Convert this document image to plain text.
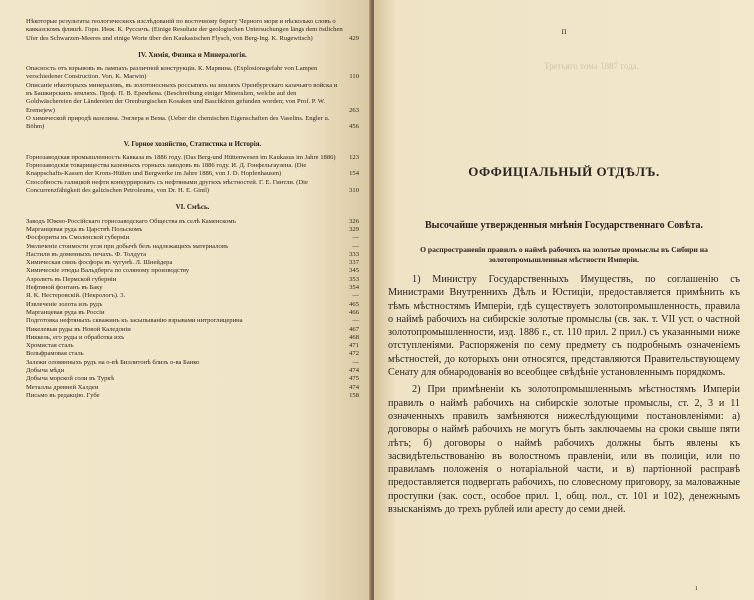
Нѣкоторые результаты геологическихъ изслѣдованій по восточному берегу Черного моря и нѣсколько словъ о кавказскомъ флишѣ. Горн. Инж. К. Руссичъ. (Einige Resultate der geologischen Untersuchungen längs dem östlichen Ufer des Schwarzen-Meeres und einige Worte über den Kaukasischen Flysch, von Berg-Ing. K. Rugewitsch)	429
IV. Химія, Физика и Минералогія.
Опасность отъ взрывовъ въ лампахъ различной конструкціи. К. Марвина. (Explosionsgefahr von Lampen verschiedener Construction. Von. K. Marwin)	110
Описаніе нѣкоторыхъ минераловъ, въ золотоносныхъ россыпяхъ на земляхъ Оренбургскаго казачьяго войска и въ Башкирскихъ земляхъ. Проф. П. В. Еремѣева. (Beschreibung einiger Mineralien, welche auf den Goldwäschereien der Ländereien der Orenburgischen Kosaken und Baschkiren gefunden worden; von Prof. P. W. Eremejew)	263
О химической природѣ вазелина. Энглера и Вема. (Ueber die chemischen Eigenschaften des Vaselins. Engler u. Böhm)	456
V. Горное хозяйство, Статистика и Исторія.
Горнозаводская промышленность Кавказа въ 1886 году. (Das Berg-und Hüttenwesen im Kaukasus im Jahre 1886) 123
Горнозаводскія товарищества казенныхъ горныхъ заводовъ въ 1886 году. И. Д. Гонфельгаузена. (Die Knappschafts-Kassen der Krons-Hütten und Bergwerke im Jahre 1886, von J. D. Hopfenhausen)	154
Способность галицкой нефти конкуррировать съ нефтяными другихъ мѣстностей. Г. Е. Гинтли. (Die Concurrenzfähigkeit des galizischen Petroleums, von Dr. H. E. Gintl)	310
VI. Смѣсь.
Заводъ Южно-Россійскаго горнозаводскаго Общества въ селѣ Каменскомъ	326
Марганцевая руда въ Царствѣ Польскомъ	329
Фосфориты въ Смоленской губерніи	—
Увеличеніе стоимости угля при добычѣ безъ надлежащихъ материаловъ	—
Настили въ доменныхъ печахъ. Ф. Толдута	333
Химическая связь фосфора въ чугунѣ. Л. Шнейдера	337
Химическіе этюды Вальдберга по соляному производству	345
Азролитъ въ Пермской губерніи	353
Нефтяной фонтанъ въ Баку	354
Я. К. Нестеровскій. (Некрологъ). 3.	—
Извлеченіе золота изъ рудъ	465
Марганцевая руда въ Россіи	466
Подготовка нефтяныхъ скважинъ къ засыпыванію взрывами нитроглицерина	—
Никелевыя руды въ Новой Каледоніи	467
Никкель, его руды и обработка ихъ	468
Хромистая сталь	471
Вольфрамовая сталь	472
Залежи оловянныхъ рудъ на о-вѣ Биллитонѣ близъ о-ва Банко	—
Добыча мѣди	474
Добыча морской соли въ Туркѣ	475
Металлы древней Халдеи	474
Письмо въ редакцію. Губе	158
Третьяго тома 1887 года.
п
ОФФИЦІАЛЬНЫЙ ОТДѢЛЪ.
Высочайше утвержденныя мнѣнія Государственнаго Совѣта.
О распространеніи правилъ о наймѣ рабочихъ на золотые промыслы въ Сибири на золотопромышленныя мѣстности Имперіи.
1) Министру Государственныхъ Имуществъ, по соглашенію съ Министрами Внутреннихъ Дѣлъ и Юстиціи, предоставляется примѣнить къ тѣмъ мѣстностямъ Имперіи, гдѣ существуетъ золотопромышленность, правила о наймѣ рабочихъ на сибирскіе золотые промыслы (св. зак. т. VII уст. о частной золотопромышленности, изд. 1886 г., ст. 110 прил. 2 прил.) съ указанными ниже отступленіями. Распоряженія по сему предмету съ подробнымъ означеніемъ мѣстностей, до которыхъ они относятся, представляются Правительствующему Сенату для обнародованія во всеобщее свѣдѣніе установленнымъ порядкомъ.
2) При примѣненіи къ золотопромышленнымъ мѣстностямъ Имперіи правилъ о наймѣ рабочихъ на сибирскіе золотые промыслы, ст. 2, 3 и 11 означенныхъ правилъ замѣняются нижеслѣдующими постановленіями: а) договоры о наймѣ рабочихъ не могутъ быть заключаемы на сроки свыше пяти лѣтъ; б) договоры о наймѣ рабочихъ должны быть явлены къ засвидѣтельствованію въ волостномъ правленіи, или въ полиціи, или по правиламъ положенія о нотаріальной части, и в) партіонной расправѣ предоставляется подвергать рабочихъ, по словесному приговору, за маловажные проступки (зак. сост., особое прил. 1, общ. пол., ст. 101 и 102), денежнымъ взысканіямъ до трехъ рублей или аресту до семи дней.
1
